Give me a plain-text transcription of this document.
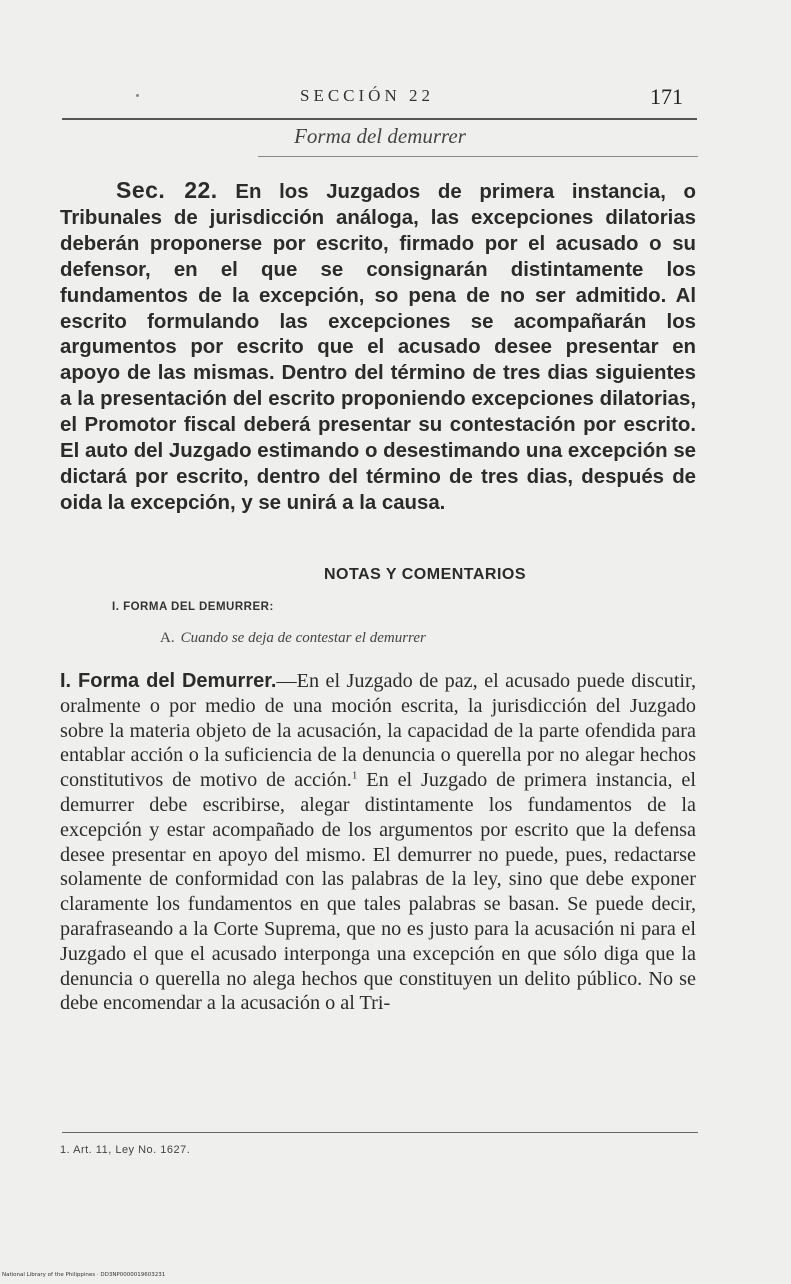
SECCIÓN 22	171
Forma del demurrer

Sec. 22. En los Juzgados de primera instancia, o Tribunales de jurisdicción análoga, las excepciones dilatorias deberán proponerse por escrito, firmado por el acusado o su defensor, en el que se consignarán distintamente los fundamentos de la excepción, so pena de no ser admitido. Al escrito formulando las excepciones se acompañarán los argumentos por escrito que el acusado desee presentar en apoyo de las mismas. Dentro del término de tres dias siguientes a la presentación del escrito proponiendo excepciones dilatorias, el Promotor fiscal deberá presentar su contestación por escrito. El auto del Juzgado estimando o desestimando una excepción se dictará por escrito, dentro del término de tres dias, después de oida la excepción, y se unirá a la causa.

NOTAS Y COMENTARIOS
I. FORMA DEL DEMURRER:
A. Cuando se deja de contestar el demurrer

I. Forma del Demurrer.—En el Juzgado de paz, el acusado puede discutir, oralmente o por medio de una moción escrita, la jurisdicción del Juzgado sobre la materia objeto de la acusación, la capacidad de la parte ofendida para entablar acción o la suficiencia de la denuncia o querella por no alegar hechos constitutivos de motivo de acción.$^1$ En el Juzgado de primera instancia, el demurrer debe escribirse, alegar distintamente los fundamentos de la excepción y estar acompañado de los argumentos por escrito que la defensa desee presentar en apoyo del mismo. El demurrer no puede, pues, redactarse solamente de conformidad con las palabras de la ley, sino que debe exponer claramente los fundamentos en que tales palabras se basan. Se puede decir, parafraseando a la Corte Suprema, que no es justo para la acusación ni para el Juzgado el que el acusado interponga una excepción en que sólo diga que la denuncia o querella no alega hechos que constituyen un delito público. No se debe encomendar a la acusación o al Tri-

1. Art. 11, Ley No. 1627.
National Library of the Philippines · DD3NP0000019603231
